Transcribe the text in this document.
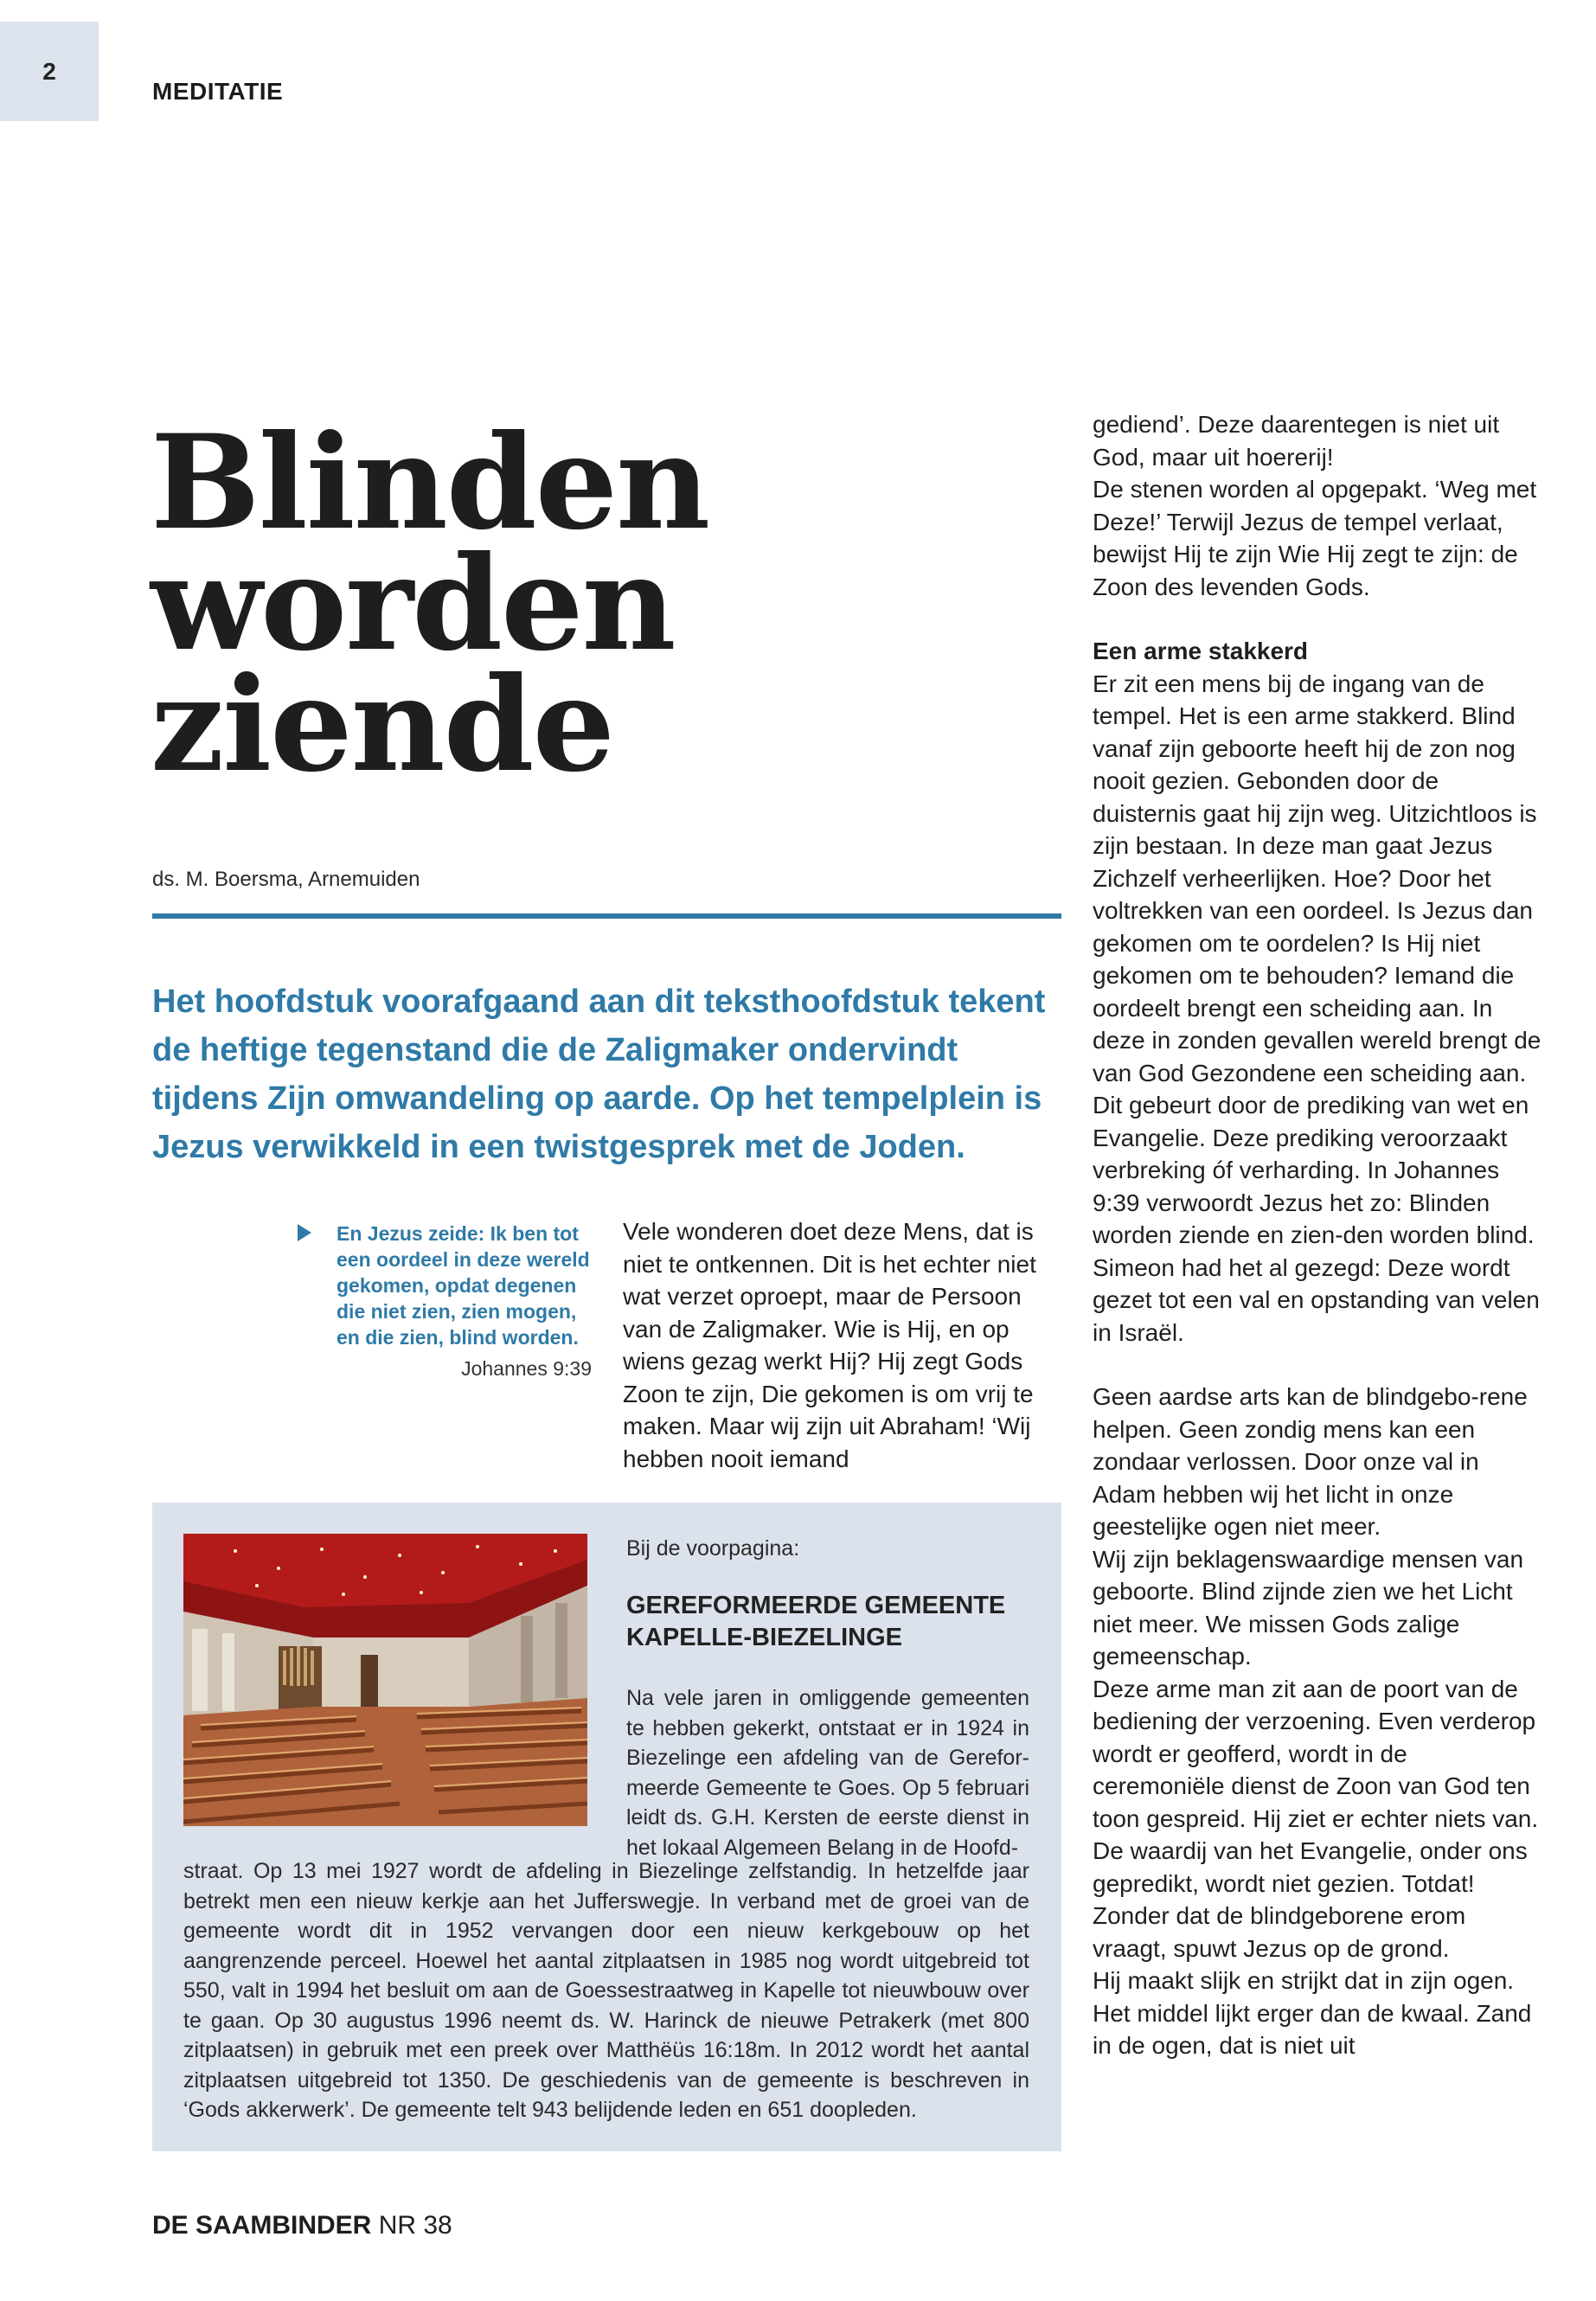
2
MEDITATIE
Blinden
worden
ziende
ds. M. Boersma, Arnemuiden

Het hoofdstuk voorafgaand aan dit teksthoofdstuk tekent de heftige tegenstand die de Zaligmaker ondervindt tijdens Zijn omwandeling op aarde. Op het tempelplein is Jezus verwikkeld in een twistgesprek met de Joden.

En Jezus zeide: Ik ben tot een oordeel in deze wereld gekomen, opdat degenen die niet zien, zien mogen, en die zien, blind worden.
Johannes 9:39

Vele wonderen doet deze Mens, dat is niet te ontkennen. Dit is het echter niet wat verzet oproept, maar de Persoon van de Zaligmaker. Wie is Hij, en op wiens gezag werkt Hij? Hij zegt Gods Zoon te zijn, Die gekomen is om vrij te maken. Maar wij zijn uit Abraham! ‘Wij hebben nooit iemand

gediend’. Deze daarentegen is niet uit God, maar uit hoererij!

De stenen worden al opgepakt. ‘Weg met Deze!’ Terwijl Jezus de tempel verlaat, bewijst Hij te zijn Wie Hij zegt te zijn: de Zoon des levenden Gods.

Een arme stakkerd

Er zit een mens bij de ingang van de tempel. Het is een arme stakkerd. Blind vanaf zijn geboorte heeft hij de zon nog nooit gezien. Gebonden door de duisternis gaat hij zijn weg. Uitzichtloos is zijn bestaan. In deze man gaat Jezus Zichzelf verheerlijken. Hoe? Door het voltrekken van een oordeel. Is Jezus dan gekomen om te oordelen? Is Hij niet gekomen om te behouden? Iemand die oordeelt brengt een scheiding aan. In deze in zonden gevallen wereld brengt de van God Gezondene een scheiding aan. Dit gebeurt door de prediking van wet en Evangelie. Deze prediking veroorzaakt verbreking óf verharding. In Johannes 9:39 verwoordt Jezus het zo: Blinden worden ziende en zien-den worden blind. Simeon had het al gezegd: Deze wordt gezet tot een val en opstanding van velen in Israël.

Geen aardse arts kan de blindgebo-rene helpen. Geen zondig mens kan een zondaar verlossen. Door onze val in Adam hebben wij het licht in onze geestelijke ogen niet meer.

Wij zijn beklagenswaardige mensen van geboorte. Blind zijnde zien we het Licht niet meer. We missen Gods zalige gemeenschap.

Deze arme man zit aan de poort van de bediening der verzoening. Even verderop wordt er geofferd, wordt in de ceremoniële dienst de Zoon van God ten toon gespreid. Hij ziet er echter niets van. De waardij van het Evangelie, onder ons gepredikt, wordt niet gezien. Totdat!

Zonder dat de blindgeborene erom vraagt, spuwt Jezus op de grond.

Hij maakt slijk en strijkt dat in zijn ogen. Het middel lijkt erger dan de kwaal. Zand in de ogen, dat is niet uit

Bij de voorpagina:
GEREFORMEERDE GEMEENTE KAPELLE-BIEZELINGE

Na vele jaren in omliggende gemeenten te hebben gekerkt, ontstaat er in 1924 in Biezelinge een afdeling van de Gerefor-meerde Gemeente te Goes. Op 5 februari leidt ds. G.H. Kersten de eerste dienst in het lokaal Algemeen Belang in de Hoofd-

straat. Op 13 mei 1927 wordt de afdeling in Biezelinge zelfstandig. In hetzelfde jaar betrekt men een nieuw kerkje aan het Jufferswegje. In verband met de groei van de gemeente wordt dit in 1952 vervangen door een nieuw kerkgebouw op het aangrenzende perceel. Hoewel het aantal zitplaatsen in 1985 nog wordt uitgebreid tot 550, valt in 1994 het besluit om aan de Goessestraatweg in Kapelle tot nieuwbouw over te gaan. Op 30 augustus 1996 neemt ds. W. Harinck de nieuwe Petrakerk (met 800 zitplaatsen) in gebruik met een preek over Matthëüs 16:18m. In 2012 wordt het aantal zitplaatsen uitgebreid tot 1350. De geschiedenis van de gemeente is beschreven in ‘Gods akkerwerk’. De gemeente telt 943 belijdende leden en 651 doopleden.

DE SAAMBINDER NR 38
